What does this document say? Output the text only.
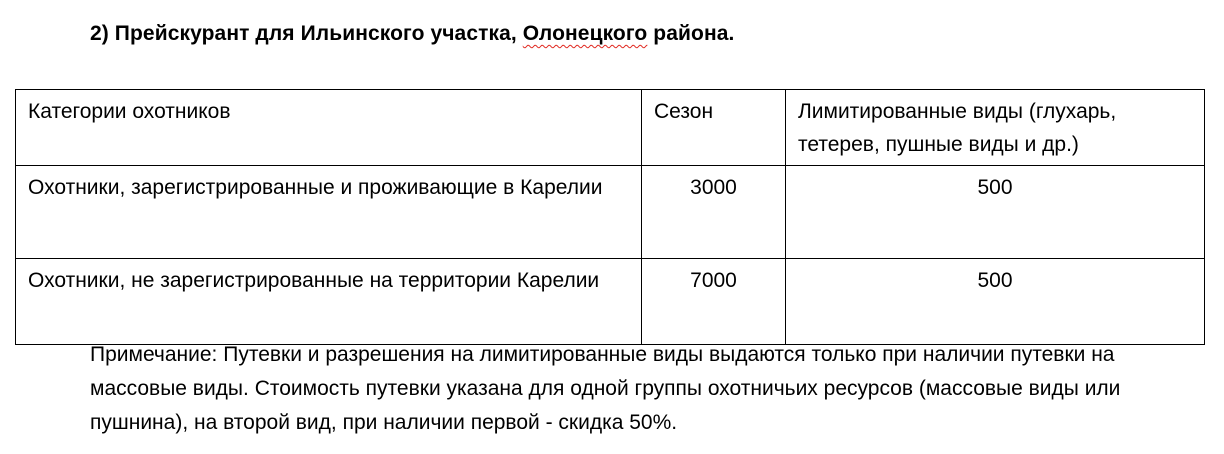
2) Прейскурант для Ильинского участка, Олонецкого района.
Категории охотников	Сезон	Лимитированные виды (глухарь, тетерев, пушные виды и др.)
Охотники, зарегистрированные и проживающие в Карелии	3000	500
Охотники, не зарегистрированные на территории Карелии	7000	500
Примечание: Путевки и разрешения на лимитированные виды выдаются только при наличии путевки на массовые виды. Стоимость путевки указана для одной группы охотничьих ресурсов (массовые виды или пушнина), на второй вид, при наличии первой - скидка 50%.
